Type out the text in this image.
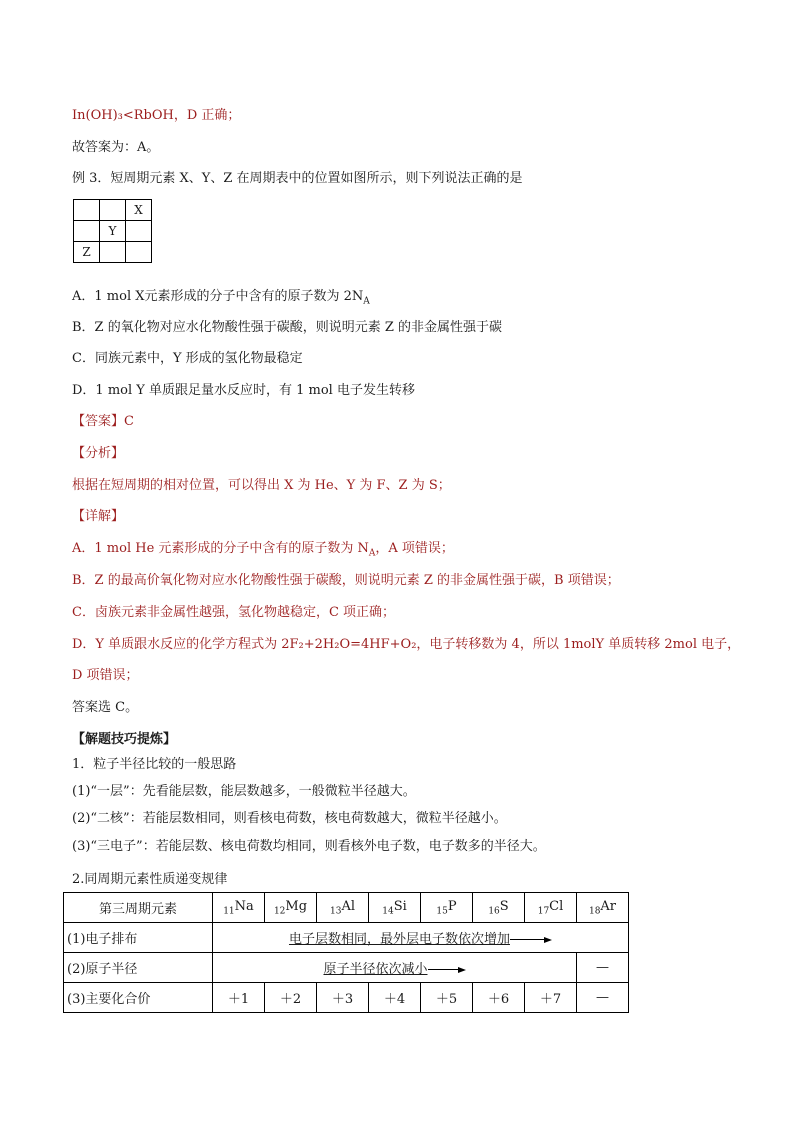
In(OH)₃<RbOH，D 正确；
故答案为：A。
例 3．短周期元素 X、Y、Z 在周期表中的位置如图所示，则下列说法正确的是
		X
	Y	
Z		
A．1 mol X元素形成的分子中含有的原子数为 $2N_A$
B．Z 的氧化物对应水化物酸性强于碳酸，则说明元素 Z 的非金属性强于碳
C．同族元素中，Y 形成的氢化物最稳定
D．1 mol Y 单质跟足量水反应时，有 1 mol 电子发生转移
【答案】C
【分析】
根据在短周期的相对位置，可以得出 X 为 He、Y 为 F、Z 为 S；
【详解】
A．1 mol He 元素形成的分子中含有的原子数为 $N_A$，A 项错误；
B．Z 的最高价氧化物对应水化物酸性强于碳酸，则说明元素 Z 的非金属性强于碳，B 项错误；
C．卤族元素非金属性越强，氢化物越稳定，C 项正确；
D．Y 单质跟水反应的化学方程式为 2F₂+2H₂O=4HF+O₂，电子转移数为 4，所以 1molY 单质转移 2mol 电子，
D 项错误；
答案选 C。
【解题技巧提炼】
1．粒子半径比较的一般思路
(1)“一层”：先看能层数，能层数越多，一般微粒半径越大。
(2)“二核”：若能层数相同，则看核电荷数，核电荷数越大，微粒半径越小。
(3)“三电子”：若能层数、核电荷数均相同，则看核外电子数，电子数多的半径大。
2.同周期元素性质递变规律
第三周期元素	$_{11}$Na	$_{12}$Mg	$_{13}$Al	$_{14}$Si	$_{15}$P	$_{16}$S	$_{17}$Cl	$_{18}$Ar
(1)电子排布	电子层数相同，最外层电子数依次增加							
(2)原子半径	原子半径依次减小							—
(3)主要化合价	＋1	＋2	＋3	＋4	＋5	＋6	＋7	—
